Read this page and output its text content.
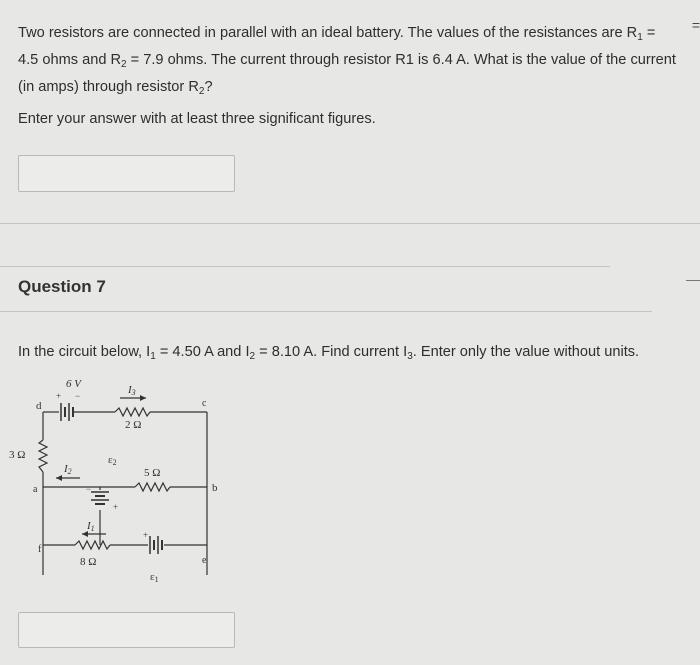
Two resistors are connected in parallel with an ideal battery. The values of the resistances are $R_1 = 4.5$ ohms and $R_2 = 7.9$ ohms. The current through resistor R1 is 6.4 A. What is the value of the current (in amps) through resistor $R_2$?
Enter your answer with at least three significant figures.
=
Question 7
In the circuit below, $I_1 = 4.50$ A and $I_2 = 8.10$ A. Find current $I_3$. Enter only the value without units.
6 V
d	c
a	b
f
e
2 Ω
3 Ω
5 Ω
8 Ω
I3
I2
I1
ε2
ε1
+ −
+
−
+
